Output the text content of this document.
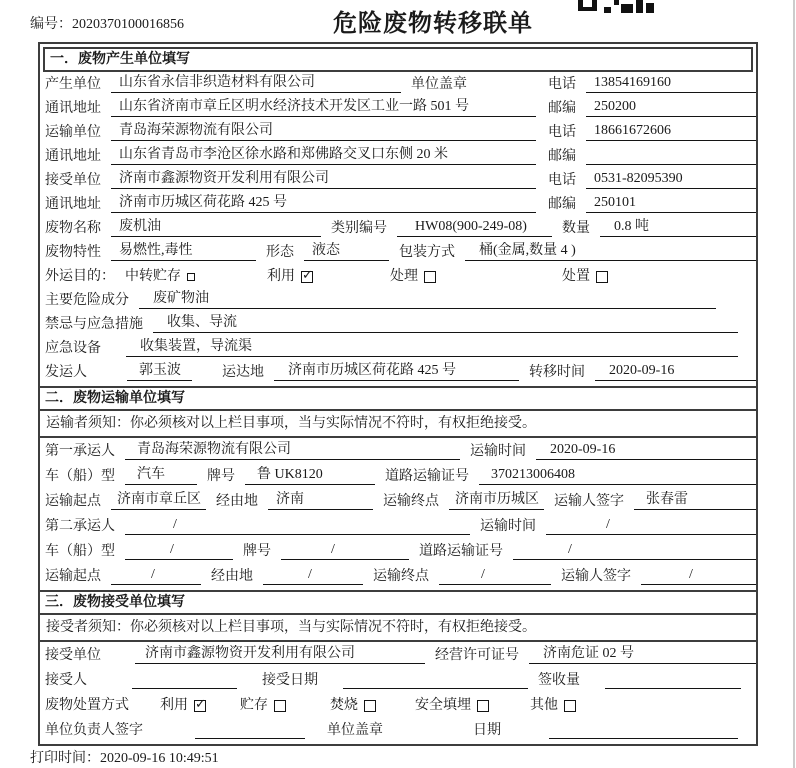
编号：2020370100016856	危险废物转移联单
一．废物产生单位填写
产生单位	山东省永信非织造材料有限公司	单位盖章	电话	13854169160
通讯地址	山东省济南市章丘区明水经济技术开发区工业一路 501 号	邮编	250200
运输单位	青岛海荣源物流有限公司	电话	18661672606
通讯地址	山东省青岛市李沧区徐水路和郑佛路交叉口东侧 20 米	邮编
接受单位	济南市鑫源物资开发利用有限公司	电话	0531-82095390
通讯地址	济南市历城区荷花路 425 号	邮编	250101
废物名称	废机油	类别编号	HW08(900-249-08)	数量	0.8 吨
废物特性	易燃性,毒性	形态	液态	包装方式	桶(金属,数量 4 )
外运目的： 中转贮存	利用 ✓	处理	处置
主要危险成分	废矿物油
禁忌与应急措施	收集、导流
应急设备	收集装置，导流渠
发运人	郭玉波	运达地	济南市历城区荷花路 425 号	转移时间	2020-09-16
二．废物运输单位填写
运输者须知：你必须核对以上栏目事项，当与实际情况不符时，有权拒绝接受。
第一承运人	青岛海荣源物流有限公司	运输时间	2020-09-16
车（船）型	汽车	牌号	鲁 UK8120	道路运输证号	370213006408
运输起点	济南市章丘区	经由地	济南	运输终点	济南市历城区	运输人签字	张春雷
第二承运人	/	运输时间	/
车（船）型	/	牌号	/	道路运输证号	/
运输起点	/	经由地	/	运输终点	/	运输人签字	/
三．废物接受单位填写
接受者须知：你必须核对以上栏目事项，当与实际情况不符时，有权拒绝接受。
接受单位	济南市鑫源物资开发利用有限公司	经营许可证号	济南危证 02 号
接受人	接受日期	签收量
废物处置方式 利用 ✓ 贮存	焚烧	安全填埋	其他
单位负责人签字	单位盖章	日期
打印时间：2020-09-16 10:49:51
